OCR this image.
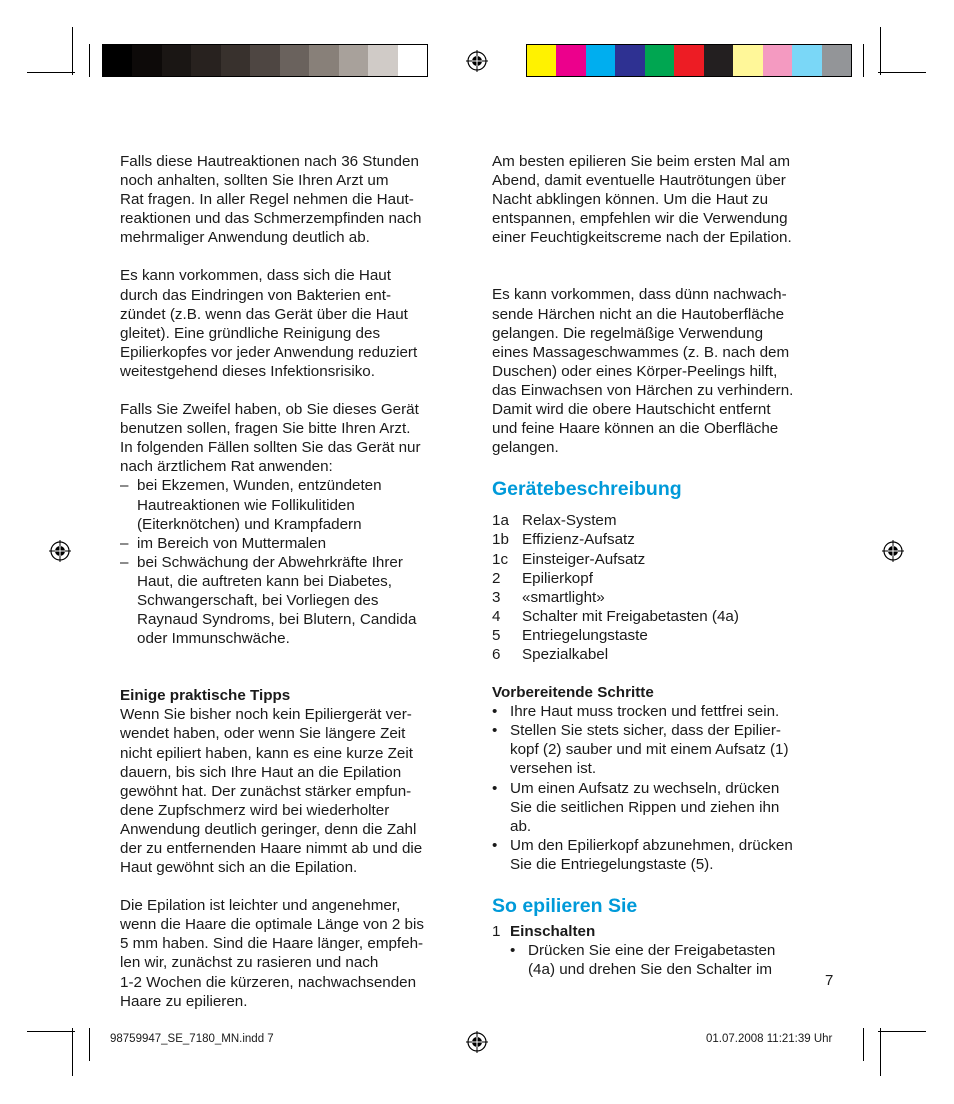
Falls diese Hautreaktionen nach 36 Stunden
noch anhalten, sollten Sie Ihren Arzt um
Rat fragen. In aller Regel nehmen die Haut-
reaktionen und das Schmerzempfinden nach
mehrmaliger Anwendung deutlich ab.

Es kann vorkommen, dass sich die Haut
durch das Eindringen von Bakterien ent-
zündet (z.B. wenn das Gerät über die Haut
gleitet). Eine gründliche Reinigung des
Epilierkopfes vor jeder Anwendung reduziert
weitestgehend dieses Infektionsrisiko.

Falls Sie Zweifel haben, ob Sie dieses Gerät
benutzen sollen, fragen Sie bitte Ihren Arzt.
In folgenden Fällen sollten Sie das Gerät nur
nach ärztlichem Rat anwenden:

– bei Ekzemen, Wunden, entzündeten
Hautreaktionen wie Follikulitiden
(Eiterknötchen) und Krampfadern
– im Bereich von Muttermalen
– bei Schwächung der Abwehrkräfte Ihrer
Haut, die auftreten kann bei Diabetes,
Schwangerschaft, bei Vorliegen des
Raynaud Syndroms, bei Blutern, Candida
oder Immunschwäche.

Einige praktische Tipps

Wenn Sie bisher noch kein Epiliergerät ver-
wendet haben, oder wenn Sie längere Zeit
nicht epiliert haben, kann es eine kurze Zeit
dauern, bis sich Ihre Haut an die Epilation
gewöhnt hat. Der zunächst stärker empfun-
dene Zupfschmerz wird bei wiederholter
Anwendung deutlich geringer, denn die Zahl
der zu entfernenden Haare nimmt ab und die
Haut gewöhnt sich an die Epilation.

Die Epilation ist leichter und angenehmer,
wenn die Haare die optimale Länge von 2 bis
5 mm haben. Sind die Haare länger, empfeh-
len wir, zunächst zu rasieren und nach
1-2 Wochen die kürzeren, nachwachsenden
Haare zu epilieren.

Am besten epilieren Sie beim ersten Mal am
Abend, damit eventuelle Hautrötungen über
Nacht abklingen können. Um die Haut zu
entspannen, empfehlen wir die Verwendung
einer Feuchtigkeitscreme nach der Epilation.

Es kann vorkommen, dass dünn nachwach-
sende Härchen nicht an die Hautoberfläche
gelangen. Die regelmäßige Verwendung
eines Massageschwammes (z. B. nach dem
Duschen) oder eines Körper-Peelings hilft,
das Einwachsen von Härchen zu verhindern.
Damit wird die obere Hautschicht entfernt
und feine Haare können an die Oberfläche
gelangen.

Gerätebeschreibung
1a Relax-System
1b Effizienz-Aufsatz
1c Einsteiger-Aufsatz
2	Epilierkopf
3	«smartlight»
4	Schalter mit Freigabetasten (4a)
5	Entriegelungstaste
6	Spezialkabel

Vorbereitende Schritte

• Ihre Haut muss trocken und fettfrei sein.
• Stellen Sie stets sicher, dass der Epilier-
kopf (2) sauber und mit einem Aufsatz (1)
versehen ist.
• Um einen Aufsatz zu wechseln, drücken
Sie die seitlichen Rippen und ziehen ihn
ab.
• Um den Epilierkopf abzunehmen, drücken
Sie die Entriegelungstaste (5).
So epilieren Sie
1 Einschalten
• Drücken Sie eine der Freigabetasten
(4a) und drehen Sie den Schalter im
7
98759947_SE_7180_MN.indd 7	01.07.2008 11:21:39 Uhr
